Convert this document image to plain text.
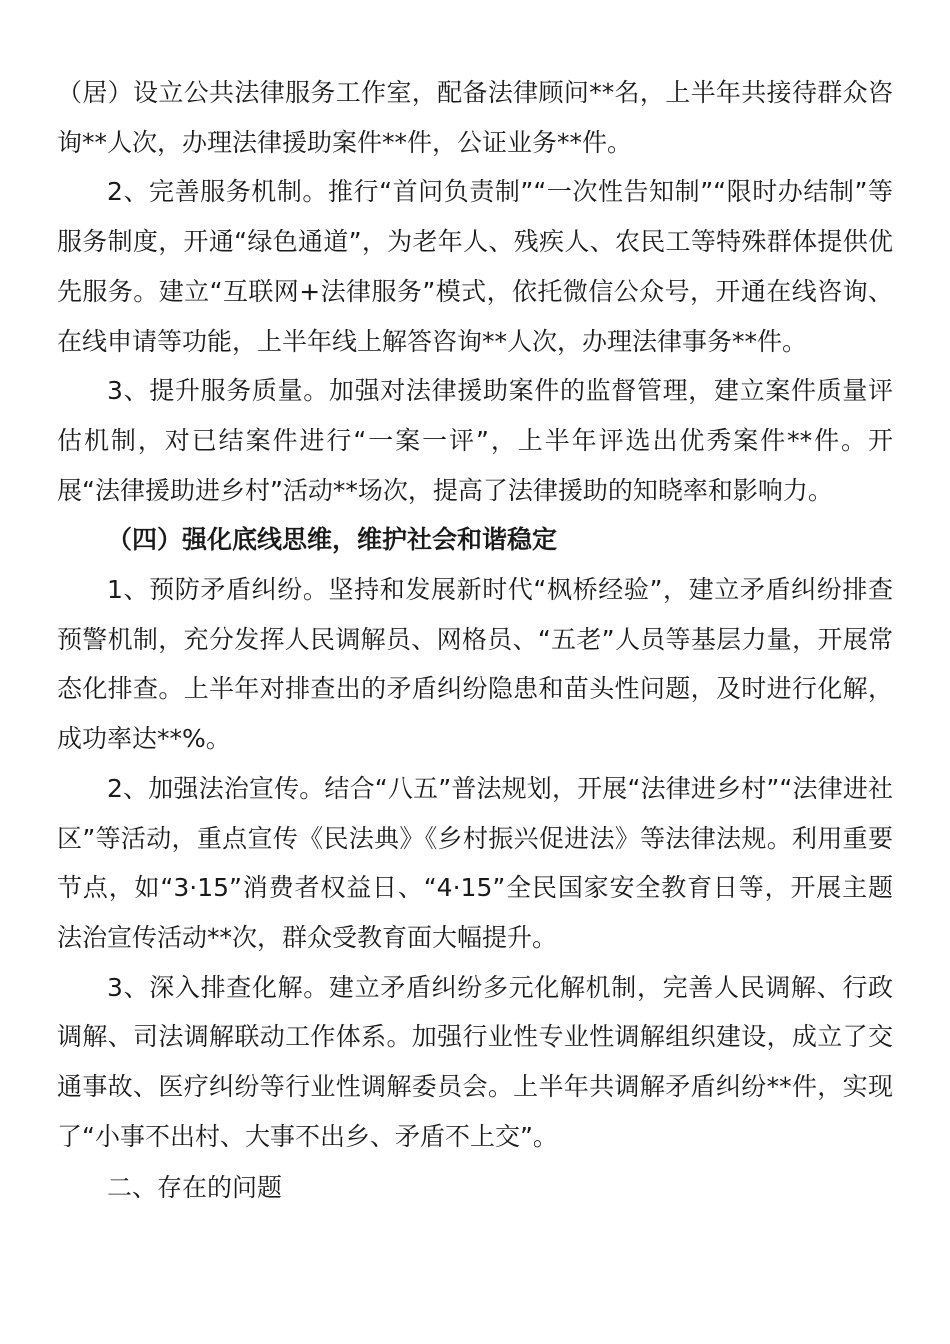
（居）设立公共法律服务工作室，配备法律顾问**名，上半年共接待群众咨询**人次，办理法律援助案件**件，公证业务**件。

2、完善服务机制。推行“首问负责制”“一次性告知制”“限时办结制”等服务制度，开通“绿色通道”，为老年人、残疾人、农民工等特殊群体提供优先服务。建立“互联网+法律服务”模式，依托微信公众号，开通在线咨询、在线申请等功能，上半年线上解答咨询**人次，办理法律事务**件。

3、提升服务质量。加强对法律援助案件的监督管理，建立案件质量评估机制，对已结案件进行“一案一评”，上半年评选出优秀案件**件。开展“法律援助进乡村”活动**场次，提高了法律援助的知晓率和影响力。

（四）强化底线思维，维护社会和谐稳定

1、预防矛盾纠纷。坚持和发展新时代“枫桥经验”，建立矛盾纠纷排查预警机制，充分发挥人民调解员、网格员、“五老”人员等基层力量，开展常态化排查。上半年对排查出的矛盾纠纷隐患和苗头性问题，及时进行化解，成功率达**%。

2、加强法治宣传。结合“八五”普法规划，开展“法律进乡村”“法律进社区”等活动，重点宣传《民法典》《乡村振兴促进法》等法律法规。利用重要节点，如“3·15”消费者权益日、“4·15”全民国家安全教育日等，开展主题法治宣传活动**次，群众受教育面大幅提升。

3、深入排查化解。建立矛盾纠纷多元化解机制，完善人民调解、行政调解、司法调解联动工作体系。加强行业性专业性调解组织建设，成立了交通事故、医疗纠纷等行业性调解委员会。上半年共调解矛盾纠纷**件，实现了“小事不出村、大事不出乡、矛盾不上交”。

二、存在的问题
